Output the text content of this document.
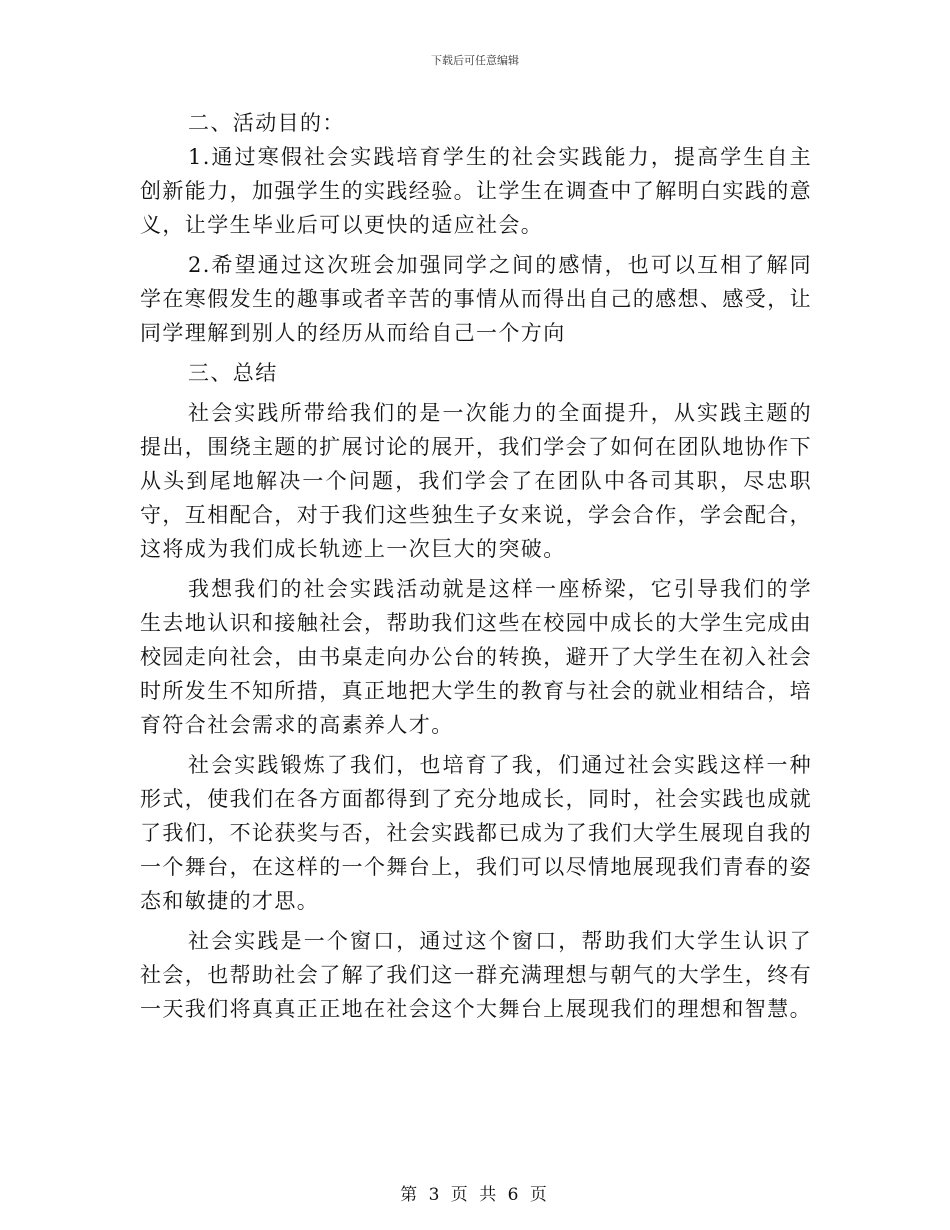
下载后可任意编辑

二、活动目的：

1.通过寒假社会实践培育学生的社会实践能力，提高学生自主创新能力，加强学生的实践经验。让学生在调查中了解明白实践的意义，让学生毕业后可以更快的适应社会。

2.希望通过这次班会加强同学之间的感情，也可以互相了解同学在寒假发生的趣事或者辛苦的事情从而得出自己的感想、感受，让同学理解到别人的经历从而给自己一个方向

三、总结

社会实践所带给我们的是一次能力的全面提升，从实践主题的提出，围绕主题的扩展讨论的展开，我们学会了如何在团队地协作下从头到尾地解决一个问题，我们学会了在团队中各司其职，尽忠职守，互相配合，对于我们这些独生子女来说，学会合作，学会配合，这将成为我们成长轨迹上一次巨大的突破。

我想我们的社会实践活动就是这样一座桥梁，它引导我们的学生去地认识和接触社会，帮助我们这些在校园中成长的大学生完成由校园走向社会，由书桌走向办公台的转换，避开了大学生在初入社会时所发生不知所措，真正地把大学生的教育与社会的就业相结合，培育符合社会需求的高素养人才。

社会实践锻炼了我们，也培育了我，们通过社会实践这样一种形式，使我们在各方面都得到了充分地成长，同时，社会实践也成就了我们，不论获奖与否，社会实践都已成为了我们大学生展现自我的一个舞台，在这样的一个舞台上，我们可以尽情地展现我们青春的姿态和敏捷的才思。

社会实践是一个窗口，通过这个窗口，帮助我们大学生认识了社会，也帮助社会了解了我们这一群充满理想与朝气的大学生，终有一天我们将真真正正地在社会这个大舞台上展现我们的理想和智慧。

第 3 页 共 6 页
